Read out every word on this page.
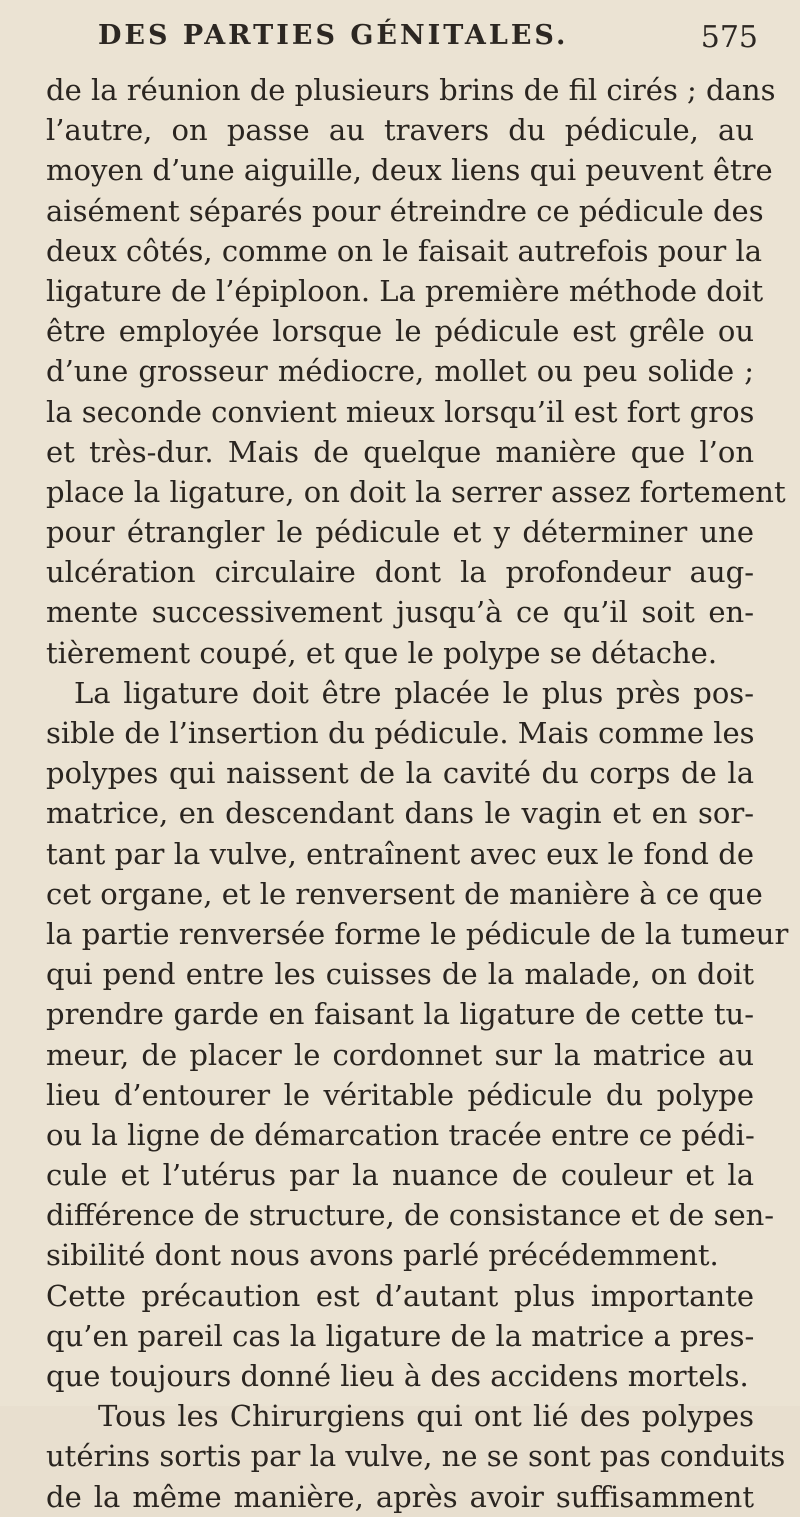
DES PARTIES GÉNITALES.	575
de la réunion de plusieurs brins de fil cirés ; dans
l’autre, on passe au travers du pédicule, au
moyen d’une aiguille, deux liens qui peuvent être
aisément séparés pour étreindre ce pédicule des
deux côtés, comme on le faisait autrefois pour la
ligature de l’épiploon. La première méthode doit
être employée lorsque le pédicule est grêle ou
d’une grosseur médiocre, mollet ou peu solide ;
la seconde convient mieux lorsqu’il est fort gros
et très-dur. Mais de quelque manière que l’on
place la ligature, on doit la serrer assez fortement
pour étrangler le pédicule et y déterminer une
ulcération circulaire dont la profondeur aug-
mente successivement jusqu’à ce qu’il soit en-
tièrement coupé, et que le polype se détache.
La ligature doit être placée le plus près pos-
sible de l’insertion du pédicule. Mais comme les
polypes qui naissent de la cavité du corps de la
matrice, en descendant dans le vagin et en sor-
tant par la vulve, entraînent avec eux le fond de
cet organe, et le renversent de manière à ce que
la partie renversée forme le pédicule de la tumeur
qui pend entre les cuisses de la malade, on doit
prendre garde en faisant la ligature de cette tu-
meur, de placer le cordonnet sur la matrice au
lieu d’entourer le véritable pédicule du polype
ou la ligne de démarcation tracée entre ce pédi-
cule et l’utérus par la nuance de couleur et la
différence de structure, de consistance et de sen-
sibilité dont nous avons parlé précédemment.
Cette précaution est d’autant plus importante
qu’en pareil cas la ligature de la matrice a pres-
que toujours donné lieu à des accidens mortels.
Tous les Chirurgiens qui ont lié des polypes
utérins sortis par la vulve, ne se sont pas conduits
de la même manière, après avoir suffisamment
